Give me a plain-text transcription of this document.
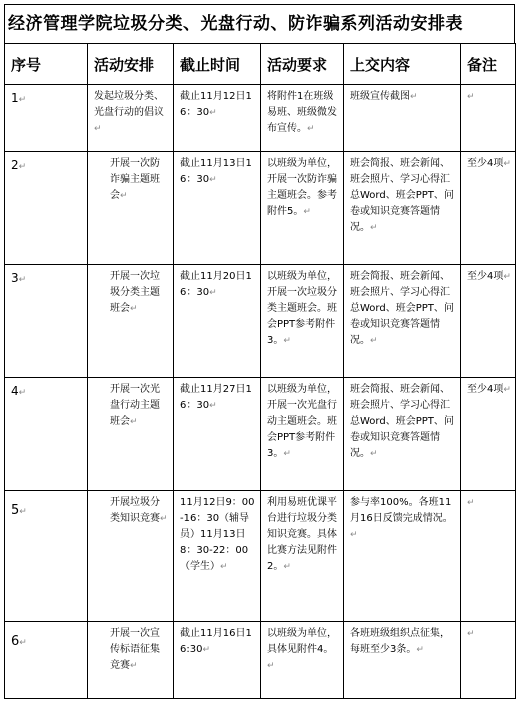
经济管理学院垃圾分类、光盘行动、防诈骗系列活动安排表
序号	活动安排	截止时间	活动要求	上交内容	备注

1↵	发起垃圾分类、光盘行动的倡议↵	截止11月12日16：30↵	将附件1在班级易班、班级微发布宣传。↵	班级宣传截图↵	↵

2↵	开展一次防诈骗主题班会↵	截止11月13日16：30↵	以班级为单位，开展一次防诈骗主题班会。参考附件5。↵	班会简报、班会新闻、班会照片、学习心得汇总Word、班会PPT、问卷或知识竞赛答题情况。↵	至少4项↵

3↵	开展一次垃圾分类主题班会↵	截止11月20日16：30↵	以班级为单位，开展一次垃圾分类主题班会。班会PPT参考附件3。↵	班会简报、班会新闻、班会照片、学习心得汇总Word、班会PPT、问卷或知识竞赛答题情况。↵	至少4项↵

4↵	开展一次光盘行动主题班会↵	截止11月27日16：30↵	以班级为单位，开展一次光盘行动主题班会。班会PPT参考附件3。↵	班会简报、班会新闻、班会照片、学习心得汇总Word、班会PPT、问卷或知识竞赛答题情况。↵	至少4项↵

5↵	开展垃圾分类知识竞赛↵	11月12日9：00-16：30（辅导员）11月13日8：30-22：00（学生）↵	利用易班优课平台进行垃圾分类知识竞赛。具体比赛方法见附件2。↵	参与率100%。各班11月16日反馈完成情况。↵	↵

6↵	开展一次宣传标语征集竞赛↵	截止11月16日16:30↵	以班级为单位，具体见附件4。↵	各班班级组织点征集，每班至少3条。↵	↵
